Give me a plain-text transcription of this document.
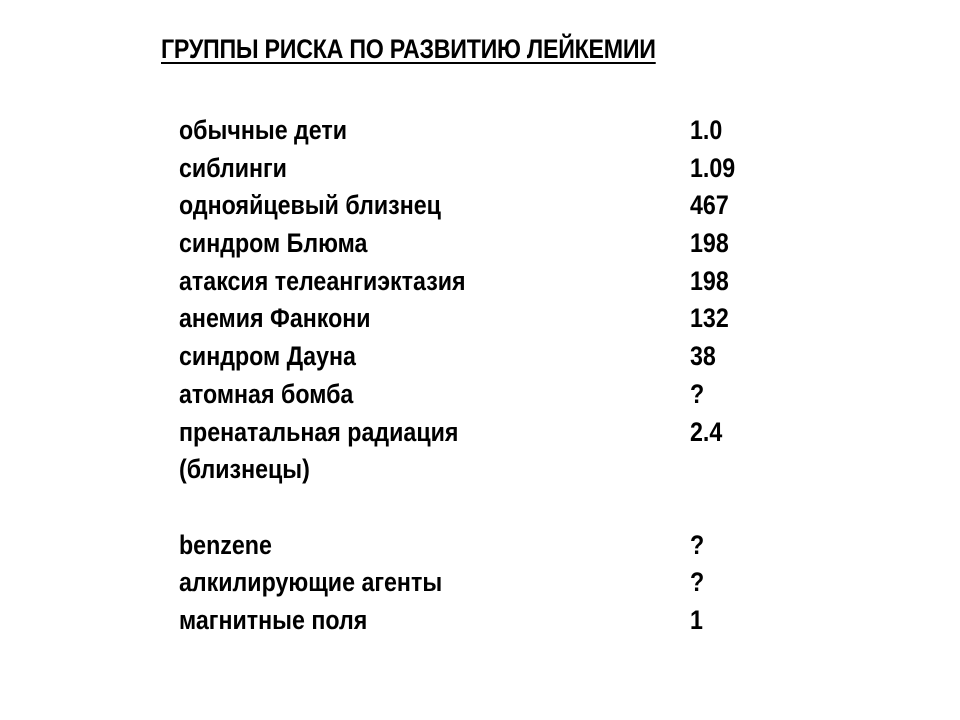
ГРУППЫ РИСКА ПО РАЗВИТИЮ ЛЕЙКЕМИИ
обычные дети	1.0
сиблинги	1.09
однояйцевый близнец	467
синдром Блюма	198
атаксия телеангиэктазия	198
анемия Фанкони	132
синдром Дауна	38
атомная бомба	?
пренатальная радиация	2.4
(близнецы)
benzene	?
алкилирующие агенты	?
магнитные поля	1
